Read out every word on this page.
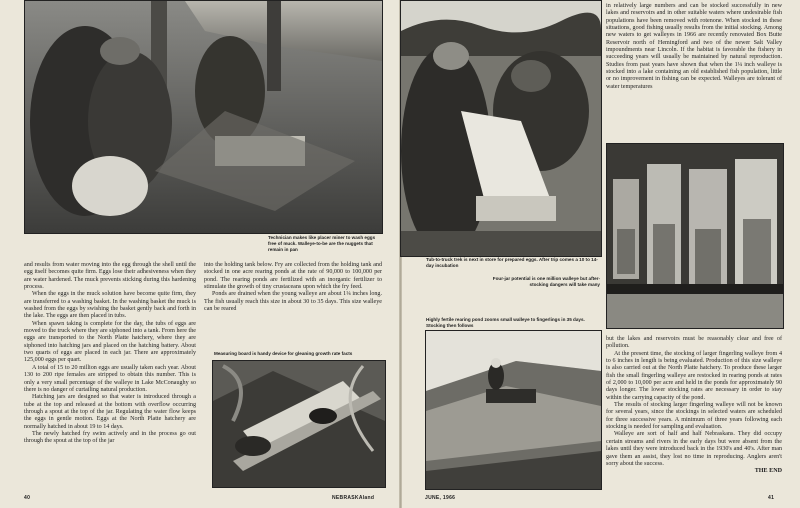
Technician makes like placer miner to wash eggs free of muck. Walleye-to-be are the nuggets that remain in pan

and results from water moving into the egg through the shell until the egg itself becomes quite firm. Eggs lose their adhesiveness when they are water hardened. The muck prevents sticking during this hardening process.

When the eggs in the muck solution have become quite firm, they are transferred to a washing basket. In the washing basket the muck is washed from the eggs by swishing the basket gently back and forth in the lake. The eggs are then placed in tubs.

When spawn taking is complete for the day, the tubs of eggs are moved to the truck where they are siphoned into a tank. From here the eggs are transported to the North Platte hatchery, where they are siphoned into hatching jars and placed on the hatching battery. About two quarts of eggs are placed in each jar. There are approximately 125,000 eggs per quart.

A total of 15 to 20 million eggs are usually taken each year. About 130 to 200 ripe females are stripped to obtain this number. This is only a very small percentage of the walleye in Lake McConaughy so there is no danger of curtailing natural production.

Hatching jars are designed so that water is introduced through a tube at the top and released at the bottom with overflow occurring through a spout at the top of the jar. Regulating the water flow keeps the eggs in gentle motion. Eggs at the North Platte hatchery are normally hatched in about 19 to 14 days.

The newly hatched fry swim actively and in the process go out through the spout at the top of the jar

into the holding tank below. Fry are collected from the holding tank and stocked in one acre rearing ponds at the rate of 90,000 to 100,000 per pond. The rearing ponds are fertilized with an inorganic fertilizer to stimulate the growth of tiny crustaceans upon which the fry feed.

Ponds are drained when the young walleye are about 1¼ inches long. The fish usually reach this size in about 30 to 35 days. This size walleye can be reared

Measuring board is handy device for gleaning growth rate facts
40	NEBRASKAland
Tub-to-truck trek is next in store for prepared eggs. After trip comes a 10 to 14-day incubation

in relatively large numbers and can be stocked successfully in new lakes and reservoirs and in other suitable waters where undesirable fish populations have been removed with rotenone. When stocked in these situations, good fishing usually results from the initial stocking. Among new waters to get walleyes in 1966 are recently renovated Box Butte Reservoir north of Hemingford and two of the newer Salt Valley impoundments near Lincoln. If the habitat is favorable the fishery in succeeding years will usually be maintained by natural reproduction. Studies from past years have shown that when the 1¼ inch walleye is stocked into a lake containing an old established fish population, little or no improvement in fishing can be expected. Walleyes are tolerant of water temperatures

Four-jar potential is one million walleye but after-stocking dangers will take many
Highly fertile rearing pond zooms small walleye to fingerlings in 35 days. Stocking then follows

but the lakes and reservoirs must be reasonably clear and free of pollution.

At the present time, the stocking of larger fingerling walleye from 4 to 6 inches in length is being evaluated. Production of this size walleye is also carried out at the North Platte hatchery. To produce these larger fish the small fingerling walleye are restocked in rearing ponds at rates of 2,000 to 10,000 per acre and held in the ponds for approximately 90 days longer. The lower stocking rates are necessary in order to stay within the carrying capacity of the pond.

The results of stocking larger fingerling walleye will not be known for several years, since the stockings in selected waters are scheduled for three successive years. A minimum of three years following each stocking is needed for sampling and evaluation.

Walleye are sort of half and half Nebraskans. They did occupy certain streams and rivers in the early days but were absent from the lakes until they were introduced back in the 1930's and 40's. After man gave them an assist, they lost no time in reproducing. Anglers aren't sorry about the success.

THE END

JUNE, 1966	41
